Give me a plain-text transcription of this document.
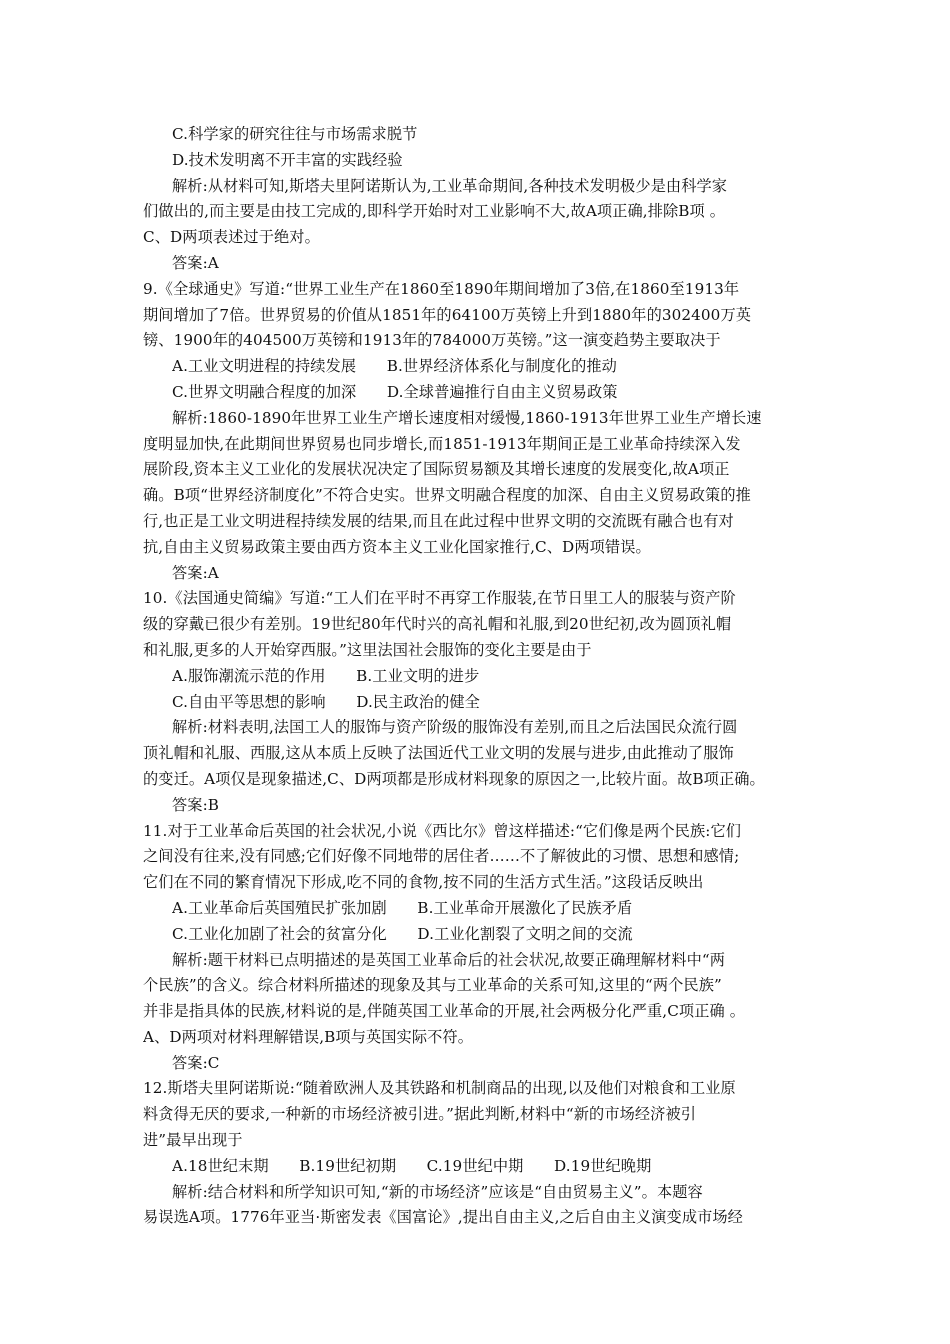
C.科学家的研究往往与市场需求脱节
D.技术发明离不开丰富的实践经验
解析:从材料可知,斯塔夫里阿诺斯认为,工业革命期间,各种技术发明极少是由科学家
们做出的,而主要是由技工完成的,即科学开始时对工业影响不大,故A项正确,排除B项 。
C、D两项表述过于绝对。
答案:A
9.《全球通史》写道:“世界工业生产在1860至1890年期间增加了3倍,在1860至1913年
期间增加了7倍。世界贸易的价值从1851年的64100万英镑上升到1880年的302400万英
镑、1900年的404500万英镑和1913年的784000万英镑。”这一演变趋势主要取决于
A.工业文明进程的持续发展　　B.世界经济体系化与制度化的推动
C.世界文明融合程度的加深　　D.全球普遍推行自由主义贸易政策
解析:1860-1890年世界工业生产增长速度相对缓慢,1860-1913年世界工业生产增长速
度明显加快,在此期间世界贸易也同步增长,而1851-1913年期间正是工业革命持续深入发
展阶段,资本主义工业化的发展状况决定了国际贸易额及其增长速度的发展变化,故A项正
确。B项“世界经济制度化”不符合史实。世界文明融合程度的加深、自由主义贸易政策的推
行,也正是工业文明进程持续发展的结果,而且在此过程中世界文明的交流既有融合也有对
抗,自由主义贸易政策主要由西方资本主义工业化国家推行,C、D两项错误。
答案:A
10.《法国通史简编》写道:“工人们在平时不再穿工作服装,在节日里工人的服装与资产阶
级的穿戴已很少有差别。19世纪80年代时兴的高礼帽和礼服,到20世纪初,改为圆顶礼帽
和礼服,更多的人开始穿西服。”这里法国社会服饰的变化主要是由于
A.服饰潮流示范的作用　　B.工业文明的进步
C.自由平等思想的影响　　D.民主政治的健全
解析:材料表明,法国工人的服饰与资产阶级的服饰没有差别,而且之后法国民众流行圆
顶礼帽和礼服、西服,这从本质上反映了法国近代工业文明的发展与进步,由此推动了服饰
的变迁。A项仅是现象描述,C、D两项都是形成材料现象的原因之一,比较片面。故B项正确。
答案:B
11.对于工业革命后英国的社会状况,小说《西比尔》曾这样描述:“它们像是两个民族:它们
之间没有往来,没有同感;它们好像不同地带的居住者……不了解彼此的习惯、思想和感情;
它们在不同的繁育情况下形成,吃不同的食物,按不同的生活方式生活。”这段话反映出
A.工业革命后英国殖民扩张加剧　　B.工业革命开展激化了民族矛盾
C.工业化加剧了社会的贫富分化　　D.工业化割裂了文明之间的交流
解析:题干材料已点明描述的是英国工业革命后的社会状况,故要正确理解材料中“两
个民族”的含义。综合材料所描述的现象及其与工业革命的关系可知,这里的“两个民族”
并非是指具体的民族,材料说的是,伴随英国工业革命的开展,社会两极分化严重,C项正确 。
A、D两项对材料理解错误,B项与英国实际不符。
答案:C
12.斯塔夫里阿诺斯说:“随着欧洲人及其铁路和机制商品的出现,以及他们对粮食和工业原
料贪得无厌的要求,一种新的市场经济被引进。”据此判断,材料中“新的市场经济被引
进”最早出现于
A.18世纪末期　　B.19世纪初期　　C.19世纪中期　　D.19世纪晚期
解析:结合材料和所学知识可知,“新的市场经济”应该是“自由贸易主义”。本题容
易误选A项。1776年亚当·斯密发表《国富论》,提出自由主义,之后自由主义演变成市场经
